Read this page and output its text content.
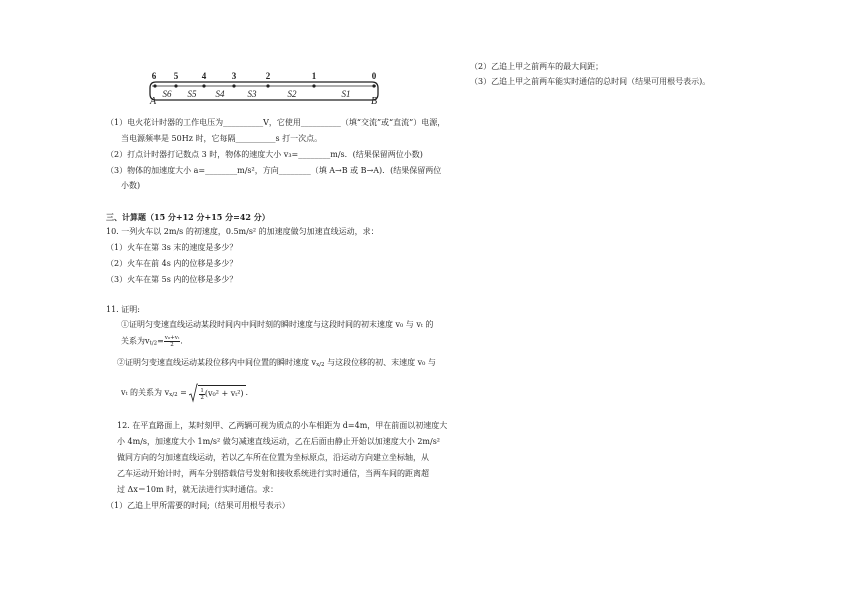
6 5	4	3	2	1	0
S6 S5 S4	S3	S2	S1
A	B
（1）电火花计时器的工作电压为__________V，它使用__________（填“交流”或“直流”）电源，
当电源频率是 50Hz 时，它每隔__________s 打一次点。
（2）打点计时器打记数点 3 时，物体的速度大小 v₃=________m/s．(结果保留两位小数)
（3）物体的加速度大小 a=________m/s²，方向________（填 A→B 或 B→A)．(结果保留两位
小数)
三、计算题（15 分+12 分+15 分=42 分）
10. 一列火车以 2m/s 的初速度，0.5m/s² 的加速度做匀加速直线运动，求：
（1）火车在第 3s 末的速度是多少？
（2）火车在前 4s 内的位移是多少？
（3）火车在第 5s 内的位移是多少？
11. 证明:
①证明匀变速直线运动某段时间内中间时刻的瞬时速度与这段时间的初末速度 v₀ 与 vₜ 的
关系为$vt/2= \frac{\text{v₀+vₜ}}{2}$ .
②证明匀变速直线运动某段位移内中间位置的瞬时速度 vx/2 与这段位移的初、末速度 v₀ 与
vₜ 的关系为 $vx/2 = \frac{1}{2} (v_0^2 + v_t^2)$ .
12. 在平直路面上，某时刻甲、乙两辆可视为质点的小车相距为 d=4m，甲在前面以初速度大
小 4m/s，加速度大小 1m/s² 做匀减速直线运动，乙在后面由静止开始以加速度大小 2m/s²
做同方向的匀加速直线运动，若以乙车所在位置为坐标原点，沿运动方向建立坐标轴，从
乙车运动开始计时，两车分别搭载信号发射和接收系统进行实时通信，当两车间的距离超
过 Δx＝10m 时，就无法进行实时通信。求：
（1）乙追上甲所需要的时间;（结果可用根号表示）
（2）乙追上甲之前两车的最大间距；
（3）乙追上甲之前两车能实时通信的总时间（结果可用根号表示)。
